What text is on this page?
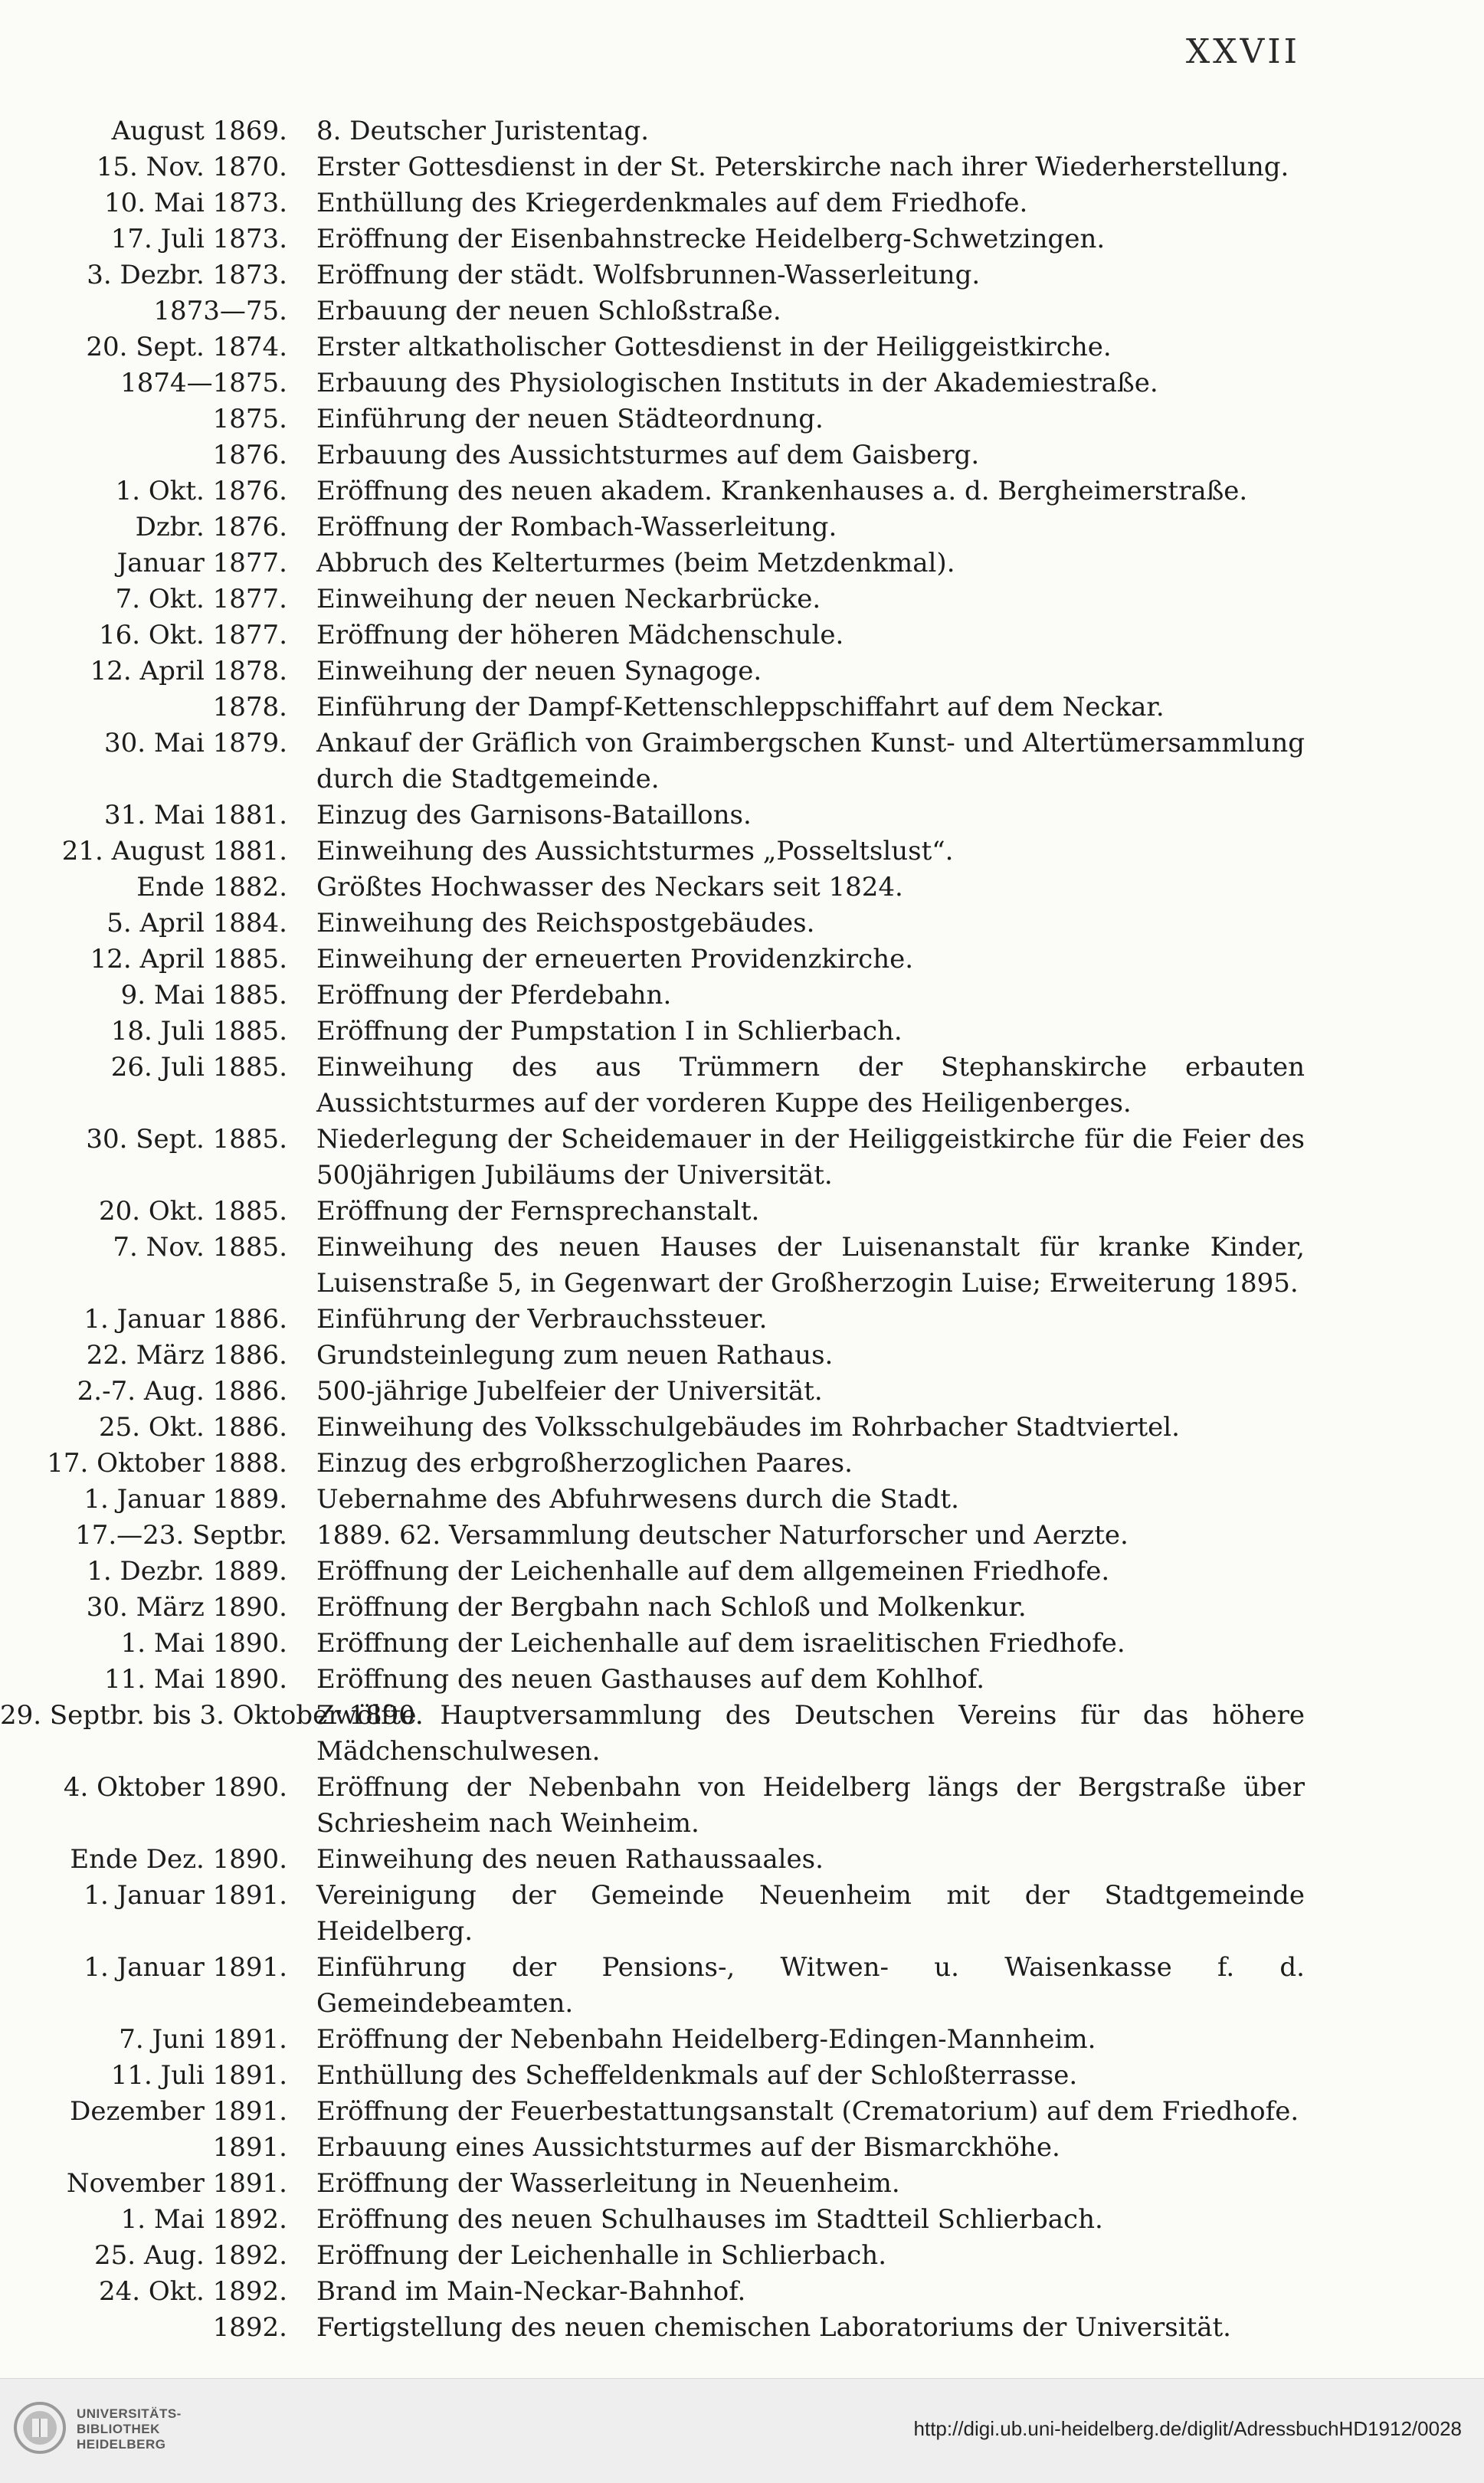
XXVII
August 1869. 8. Deutscher Juristentag.
15. Nov. 1870. Erster Gottesdienst in der St. Peterskirche nach ihrer Wiederherstellung.
10. Mai 1873. Enthüllung des Kriegerdenkmales auf dem Friedhofe.
17. Juli 1873. Eröffnung der Eisenbahnstrecke Heidelberg-Schwetzingen.
3. Dezbr. 1873. Eröffnung der städt. Wolfsbrunnen-Wasserleitung.
1873—75. Erbauung der neuen Schloßstraße.
20. Sept. 1874. Erster altkatholischer Gottesdienst in der Heiliggeistkirche.
1874—1875. Erbauung des Physiologischen Instituts in der Akademiestraße.
1875. Einführung der neuen Städteordnung.
1876. Erbauung des Aussichtsturmes auf dem Gaisberg.
1. Okt. 1876. Eröffnung des neuen akadem. Krankenhauses a. d. Bergheimerstraße.
Dzbr. 1876. Eröffnung der Rombach-Wasserleitung.
Januar 1877. Abbruch des Kelterturmes (beim Metzdenkmal).
7. Okt. 1877. Einweihung der neuen Neckarbrücke.
16. Okt. 1877. Eröffnung der höheren Mädchenschule.
12. April 1878. Einweihung der neuen Synagoge.
1878. Einführung der Dampf-Kettenschleppschiffahrt auf dem Neckar.
30. Mai 1879. Ankauf der Gräflich von Graimbergschen Kunst- und Altertümersammlung durch die Stadtgemeinde.
31. Mai 1881. Einzug des Garnisons-Bataillons.
21. August 1881. Einweihung des Aussichtsturmes „Posseltslust“.
Ende 1882. Größtes Hochwasser des Neckars seit 1824.
5. April 1884. Einweihung des Reichspostgebäudes.
12. April 1885. Einweihung der erneuerten Providenzkirche.
9. Mai 1885. Eröffnung der Pferdebahn.
18. Juli 1885. Eröffnung der Pumpstation I in Schlierbach.
26. Juli 1885. Einweihung des aus Trümmern der Stephanskirche erbauten Aussichtsturmes auf der vorderen Kuppe des Heiligenberges.
30. Sept. 1885. Niederlegung der Scheidemauer in der Heiliggeistkirche für die Feier des 500jährigen Jubiläums der Universität.
20. Okt. 1885. Eröffnung der Fernsprechanstalt.
7. Nov. 1885. Einweihung des neuen Hauses der Luisenanstalt für kranke Kinder, Luisenstraße 5, in Gegenwart der Großherzogin Luise; Erweiterung 1895.
1. Januar 1886. Einführung der Verbrauchssteuer.
22. März 1886. Grundsteinlegung zum neuen Rathaus.
2.-7. Aug. 1886. 500-jährige Jubelfeier der Universität.
25. Okt. 1886. Einweihung des Volksschulgebäudes im Rohrbacher Stadtviertel.
17. Oktober 1888. Einzug des erbgroßherzoglichen Paares.
1. Januar 1889. Uebernahme des Abfuhrwesens durch die Stadt.
17.—23. Septbr. 1889. 62. Versammlung deutscher Naturforscher und Aerzte.
1. Dezbr. 1889. Eröffnung der Leichenhalle auf dem allgemeinen Friedhofe.
30. März 1890. Eröffnung der Bergbahn nach Schloß und Molkenkur.
1. Mai 1890. Eröffnung der Leichenhalle auf dem israelitischen Friedhofe.
11. Mai 1890. Eröffnung des neuen Gasthauses auf dem Kohlhof.
29. Septbr. bis 3. Oktober 1890.
Zwölfte Hauptversammlung des Deutschen Vereins für das höhere Mädchenschulwesen.
4. Oktober 1890. Eröffnung der Nebenbahn von Heidelberg längs der Bergstraße über Schriesheim nach Weinheim.
Ende Dez. 1890. Einweihung des neuen Rathaussaales.
1. Januar 1891. Vereinigung der Gemeinde Neuenheim mit der Stadtgemeinde Heidelberg.
1. Januar 1891. Einführung der Pensions-, Witwen- u. Waisenkasse f. d. Gemeindebeamten.
7. Juni 1891. Eröffnung der Nebenbahn Heidelberg-Edingen-Mannheim.
11. Juli 1891. Enthüllung des Scheffeldenkmals auf der Schloßterrasse.
Dezember 1891. Eröffnung der Feuerbestattungsanstalt (Crematorium) auf dem Friedhofe.
1891. Erbauung eines Aussichtsturmes auf der Bismarckhöhe.
November 1891. Eröffnung der Wasserleitung in Neuenheim.
1. Mai 1892. Eröffnung des neuen Schulhauses im Stadtteil Schlierbach.
25. Aug. 1892. Eröffnung der Leichenhalle in Schlierbach.
24. Okt. 1892. Brand im Main-Neckar-Bahnhof.
1892. Fertigstellung des neuen chemischen Laboratoriums der Universität.
UNIVERSITÄTS- BIBLIOTHEK HEIDELBERG
http://digi.ub.uni-heidelberg.de/diglit/AdressbuchHD1912/0028
